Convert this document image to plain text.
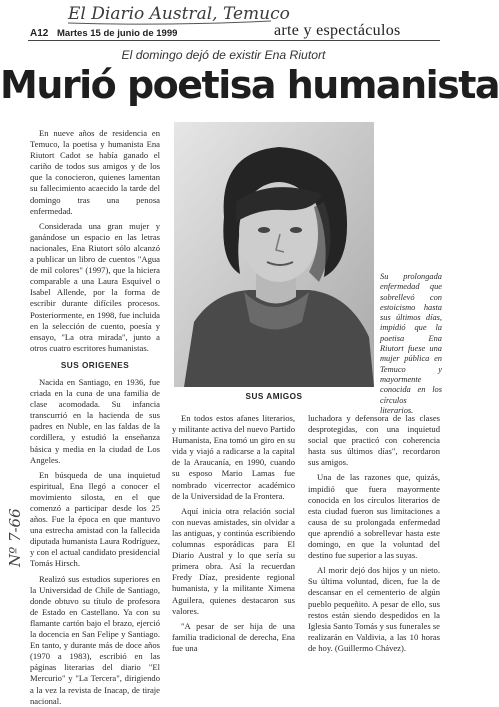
El Diario Austral, Temuco
A12 Martes 15 de junio de 1999	arte y espectáculos
El domingo dejó de existir Ena Riutort
Murió poetisa humanista

En nueve años de residencia en Temuco, la poetisa y humanista Ena Riutort Cadot se había ganado el cariño de todos sus amigos y de los que la conocieron, quienes lamentan su fallecimiento acaecido la tarde del domingo tras una penosa enfermedad.

Considerada una gran mujer y ganándose un espacio en las letras nacionales, Ena Riutort sólo alcanzó a publicar un libro de cuentos "Agua de mil colores" (1997), que la hiciera comparable a una Laura Esquivel o Isabel Allende, por la forma de escribir durante difíciles procesos. Posteriormente, en 1998, fue incluida en la selección de cuento, poesía y ensayo, "La otra mirada", junto a otros cuatro escritores humanistas.

SUS ORIGENES

Nacida en Santiago, en 1936, fue criada en la cuna de una familia de clase acomodada. Su infancia transcurrió en la hacienda de sus padres en Nuble, en las faldas de la cordillera, y estudió la enseñanza básica y media en la ciudad de Los Angeles.

En búsqueda de una inquietud espiritual, Ena llegó a conocer el movimiento silosta, en el que comenzó a participar desde los 25 años. Fue la época en que mantuvo una estrecha amistad con la fallecida diputada humanista Laura Rodríguez, y con el actual candidato presidencial Tomás Hirsch.

Realizó sus estudios superiores en la Universidad de Chile de Santiago, donde obtuvo su título de profesora de Estado en Castellano. Ya con su flamante cartón bajo el brazo, ejerció la docencia en San Felipe y Santiago. En tanto, y durante más de doce años (1970 a 1983), escribió en las páginas literarias del diario "El Mercurio" y "La Tercera", dirigiendo a la vez la revista de Inacap, de tiraje nacional.

SUS AMIGOS
Su prolongada enfermedad que sobrellevó con estoicismo hasta sus últimos días, impidió que la poetisa Ena Riutort fuese una mujer pública en Temuco y mayormente conocida en los círculos literarios.

En todos estos afanes literarios, y militante activa del nuevo Partido Humanista, Ena tomó un giro en su vida y viajó a radicarse a la capital de la Araucanía, en 1990, cuando su esposo Mario Lamas fue nombrado vicerrector académico de la Universidad de la Frontera.

Aquí inicia otra relación social con nuevas amistades, sin olvidar a las antiguas, y continúa escribiendo columnas esporádicas para El Diario Austral y lo que sería su primera obra. Así la recuerdan Fredy Díaz, presidente regional humanista, y la militante Ximena Aguilera, quienes destacaron sus valores.

"A pesar de ser hija de una familia tradicional de derecha, Ena fue una

luchadora y defensora de las clases desprotegidas, con una inquietud social que practicó con coherencia hasta sus últimos días", recordaron sus amigos.

Una de las razones que, quizás, impidió que fuera mayormente conocida en los círculos literarios de esta ciudad fueron sus limitaciones a causa de su prolongada enfermedad que aprendió a sobrellevar hasta este domingo, en que la voluntad del destino fue superior a las suyas.

Al morir dejó dos hijos y un nieto. Su última voluntad, dicen, fue la de descansar en el cementerio de algún pueblo pequeñito. A pesar de ello, sus restos están siendo despedidos en la Iglesia Santo Tomás y sus funerales se realizarán en Valdivia, a las 10 horas de hoy. (Guillermo Chávez).

Nº 7-66
